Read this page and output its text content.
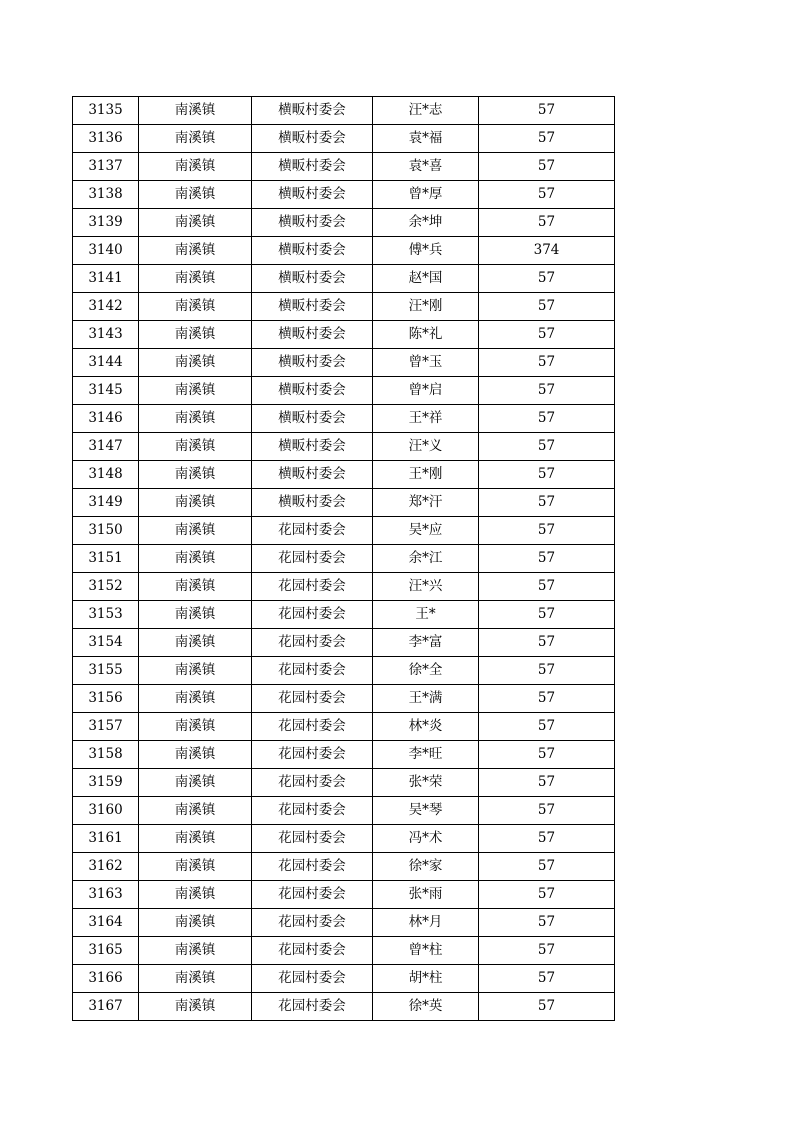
3135	南溪镇	横畈村委会	汪*志	57
3136	南溪镇	横畈村委会	袁*福	57
3137	南溪镇	横畈村委会	袁*喜	57
3138	南溪镇	横畈村委会	曾*厚	57
3139	南溪镇	横畈村委会	余*坤	57
3140	南溪镇	横畈村委会	傅*兵	374
3141	南溪镇	横畈村委会	赵*国	57
3142	南溪镇	横畈村委会	汪*刚	57
3143	南溪镇	横畈村委会	陈*礼	57
3144	南溪镇	横畈村委会	曾*玉	57
3145	南溪镇	横畈村委会	曾*启	57
3146	南溪镇	横畈村委会	王*祥	57
3147	南溪镇	横畈村委会	汪*义	57
3148	南溪镇	横畈村委会	王*刚	57
3149	南溪镇	横畈村委会	郑*汗	57
3150	南溪镇	花园村委会	吴*应	57
3151	南溪镇	花园村委会	余*江	57
3152	南溪镇	花园村委会	汪*兴	57
3153	南溪镇	花园村委会	王*	57
3154	南溪镇	花园村委会	李*富	57
3155	南溪镇	花园村委会	徐*全	57
3156	南溪镇	花园村委会	王*满	57
3157	南溪镇	花园村委会	林*炎	57
3158	南溪镇	花园村委会	李*旺	57
3159	南溪镇	花园村委会	张*荣	57
3160	南溪镇	花园村委会	吴*琴	57
3161	南溪镇	花园村委会	冯*术	57
3162	南溪镇	花园村委会	徐*家	57
3163	南溪镇	花园村委会	张*雨	57
3164	南溪镇	花园村委会	林*月	57
3165	南溪镇	花园村委会	曾*柱	57
3166	南溪镇	花园村委会	胡*柱	57
3167	南溪镇	花园村委会	徐*英	57
